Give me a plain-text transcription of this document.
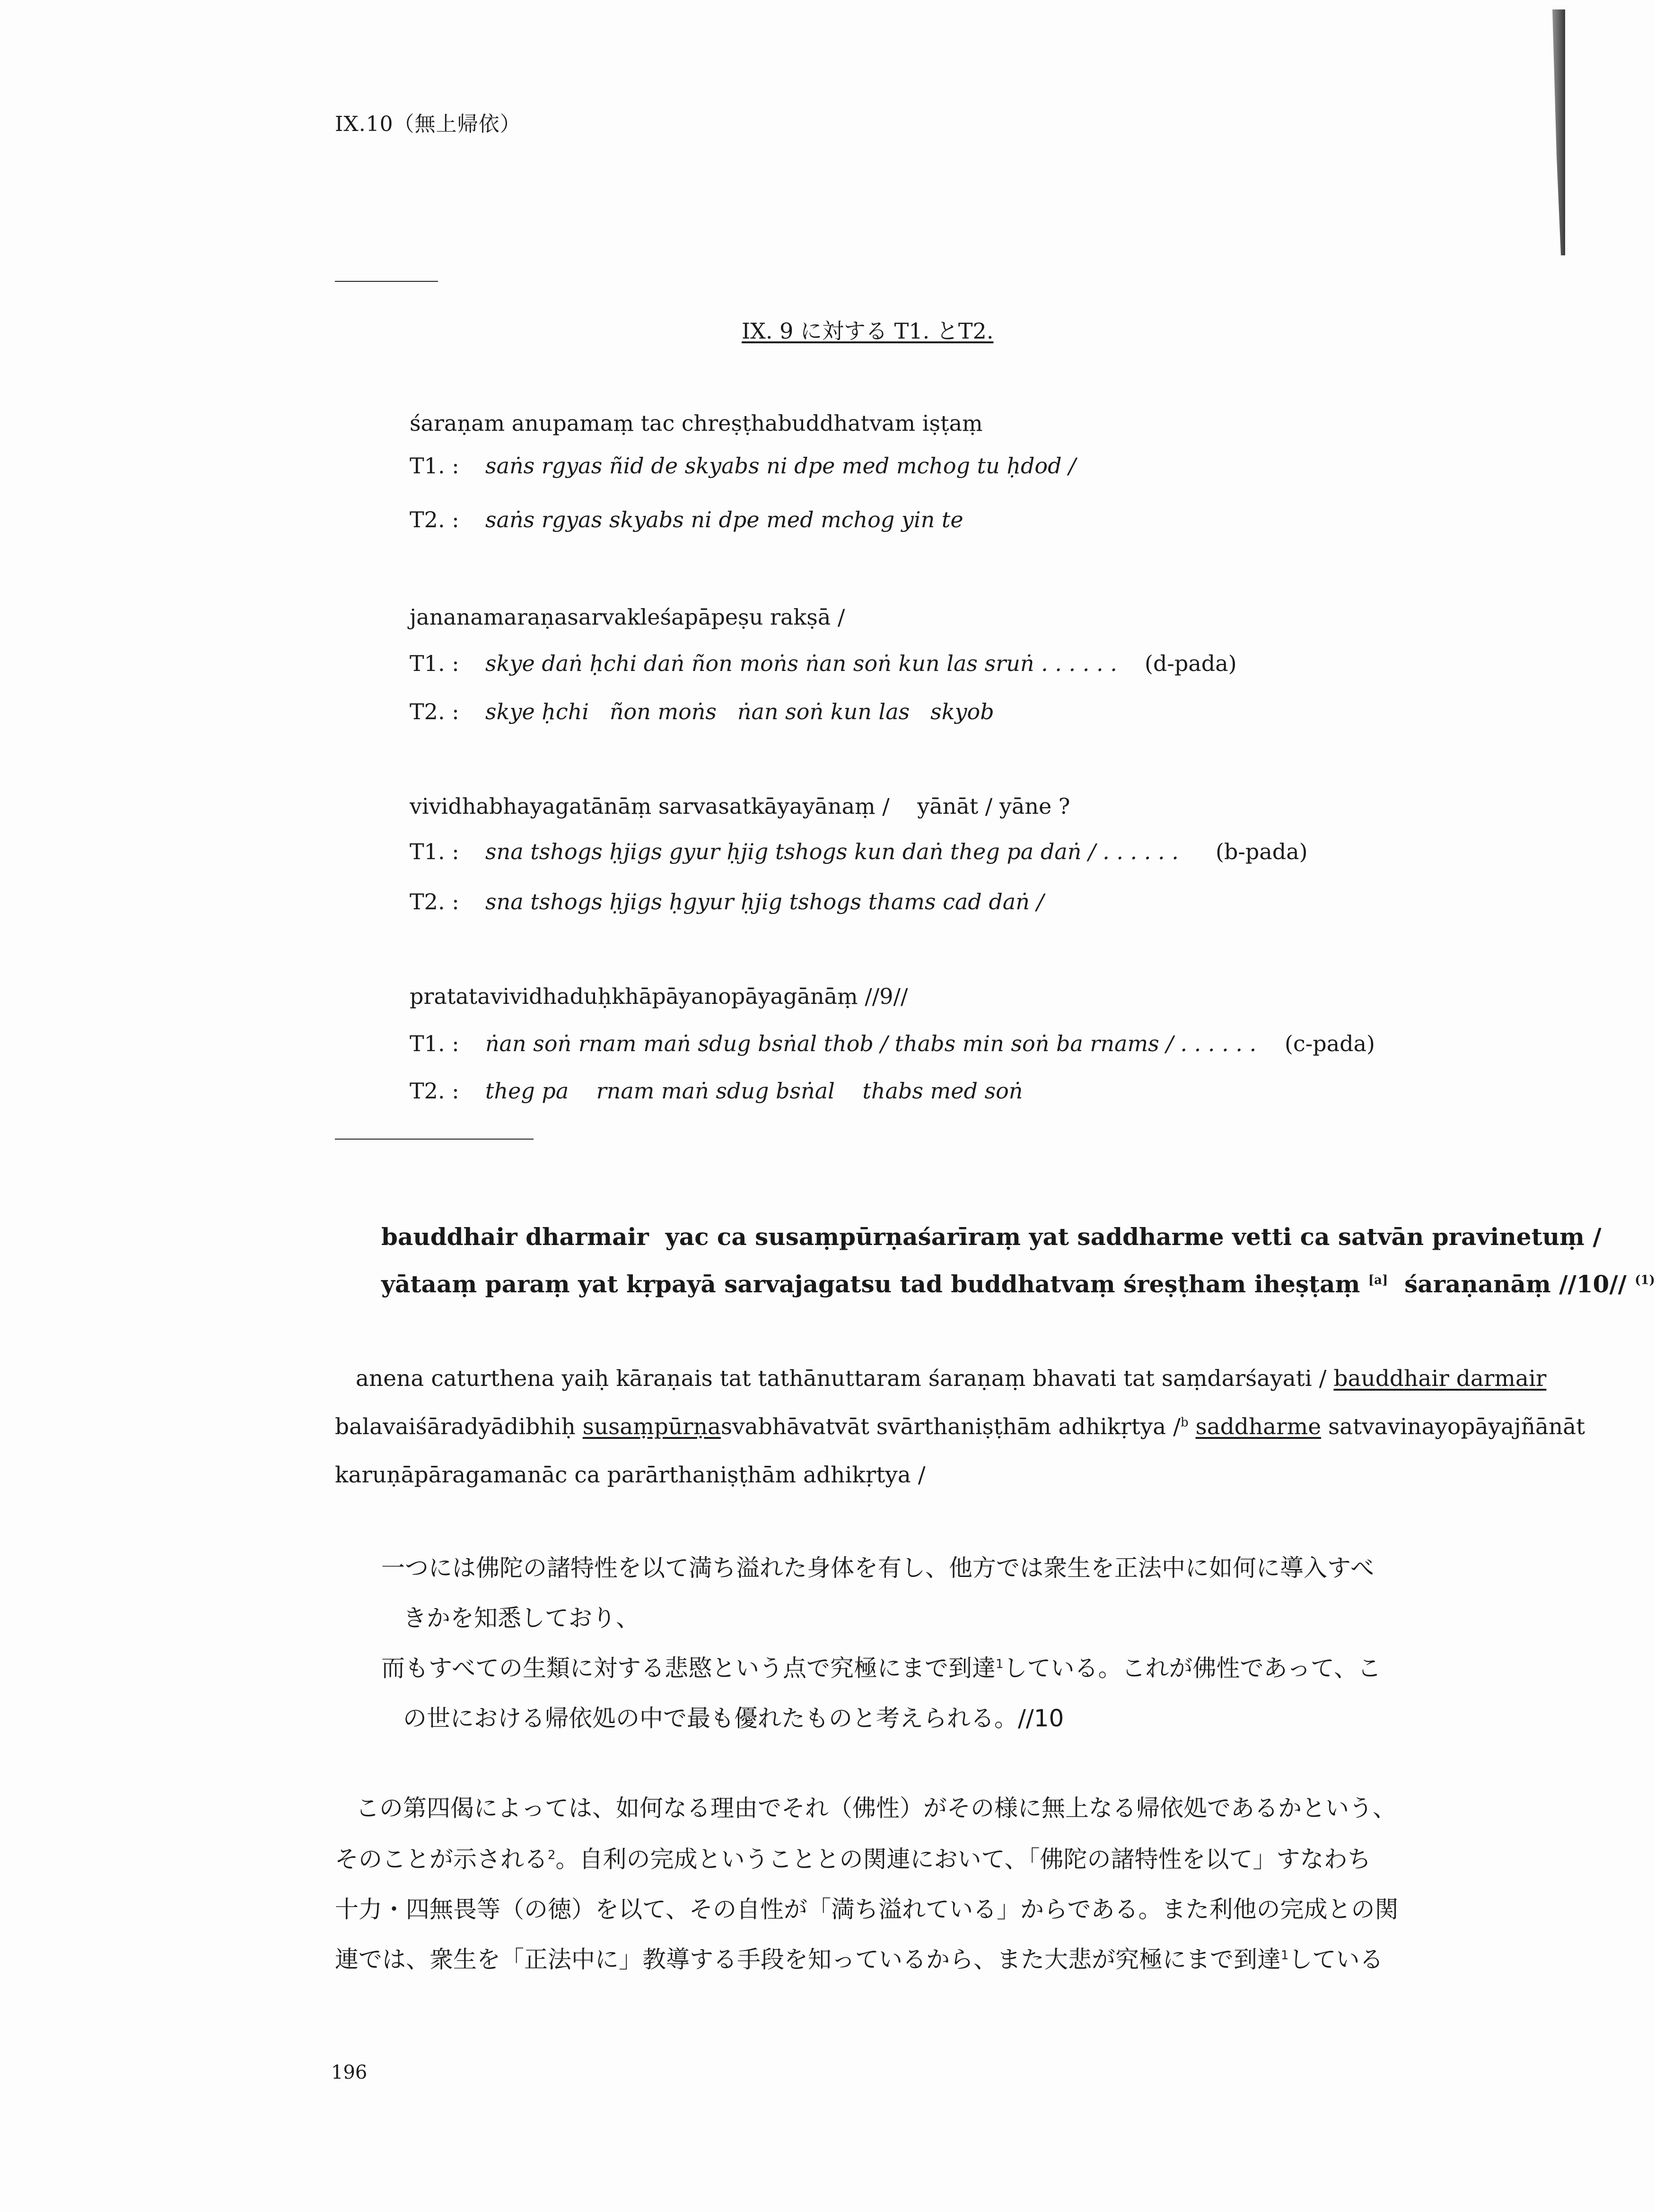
IX.10（無上帰依）
IX. 9 に対する T1. とT2.
śaraṇam anupamaṃ tac chreṣṭhabuddhatvam iṣṭaṃ
T1. : saṅs rgyas ñid de skyabs ni dpe med mchog tu ḥdod /
T2. : saṅs rgyas skyabs ni dpe med mchog yin te
jananamaraṇasarvakleśapāpeṣu rakṣā /
T1. : skye daṅ ḥchi daṅ ñon moṅs ṅan soṅ kun las sruṅ . . . . . . (d-pada)
T2. : skye ḥchi   ñon moṅs   ṅan soṅ kun las   skyob
vividhabhayagatānāṃ sarvasatkāyayānaṃ /    yānāt / yāne ?
T1. : sna tshogs ḥjigs gyur ḥjig tshogs kun daṅ theg pa daṅ / . . . . . . (b-pada)
T2. : sna tshogs ḥjigs ḥgyur ḥjig tshogs thams cad daṅ /
pratatavividhaduḥkhāpāyanopāyagānāṃ //9//
T1. : ṅan soṅ rnam maṅ sdug bsṅal thob / thabs min soṅ ba rnams / . . . . . . (c-pada)
T2. : theg pa    rnam maṅ sdug bsṅal    thabs med soṅ
bauddhair dharmair  yac ca susaṃpūrṇaśarīraṃ yat saddharme vetti ca satvān pravinetuṃ /
yātaaṃ paraṃ yat kṛpayā sarvajagatsu tad buddhatvaṃ śreṣṭham iheṣṭaṃ [a]  śaraṇanāṃ //10// $^{(1)}$
anena caturthena yaiḥ kāraṇais tat tathānuttaram śaraṇaṃ bhavati tat saṃdarśayati / bauddhair darmair
balavaiśāradyādibhiḥ susaṃpūrṇasvabhāvatvāt svārthaniṣṭhām adhikṛtya /$^b$ saddharme satvavinayopāyajñānāt
karuṇāpāragamanāc ca parārthaniṣṭhām adhikṛtya /
一つには佛陀の諸特性を以て満ち溢れた身体を有し、他方では衆生を正法中に如何に導入すべ
きかを知悉しており、
而もすべての生類に対する悲愍という点で究極にまで到達$^1$している。これが佛性であって、こ
の世における帰依処の中で最も優れたものと考えられる。//10
この第四偈によっては、如何なる理由でそれ（佛性）がその様に無上なる帰依処であるかという、
そのことが示される$^2$。自利の完成ということとの関連において、「佛陀の諸特性を以て」すなわち
十力・四無畏等（の徳）を以て、その自性が「満ち溢れている」からである。また利他の完成との関
連では、衆生を「正法中に」教導する手段を知っているから、また大悲が究極にまで到達$^1$している
196
